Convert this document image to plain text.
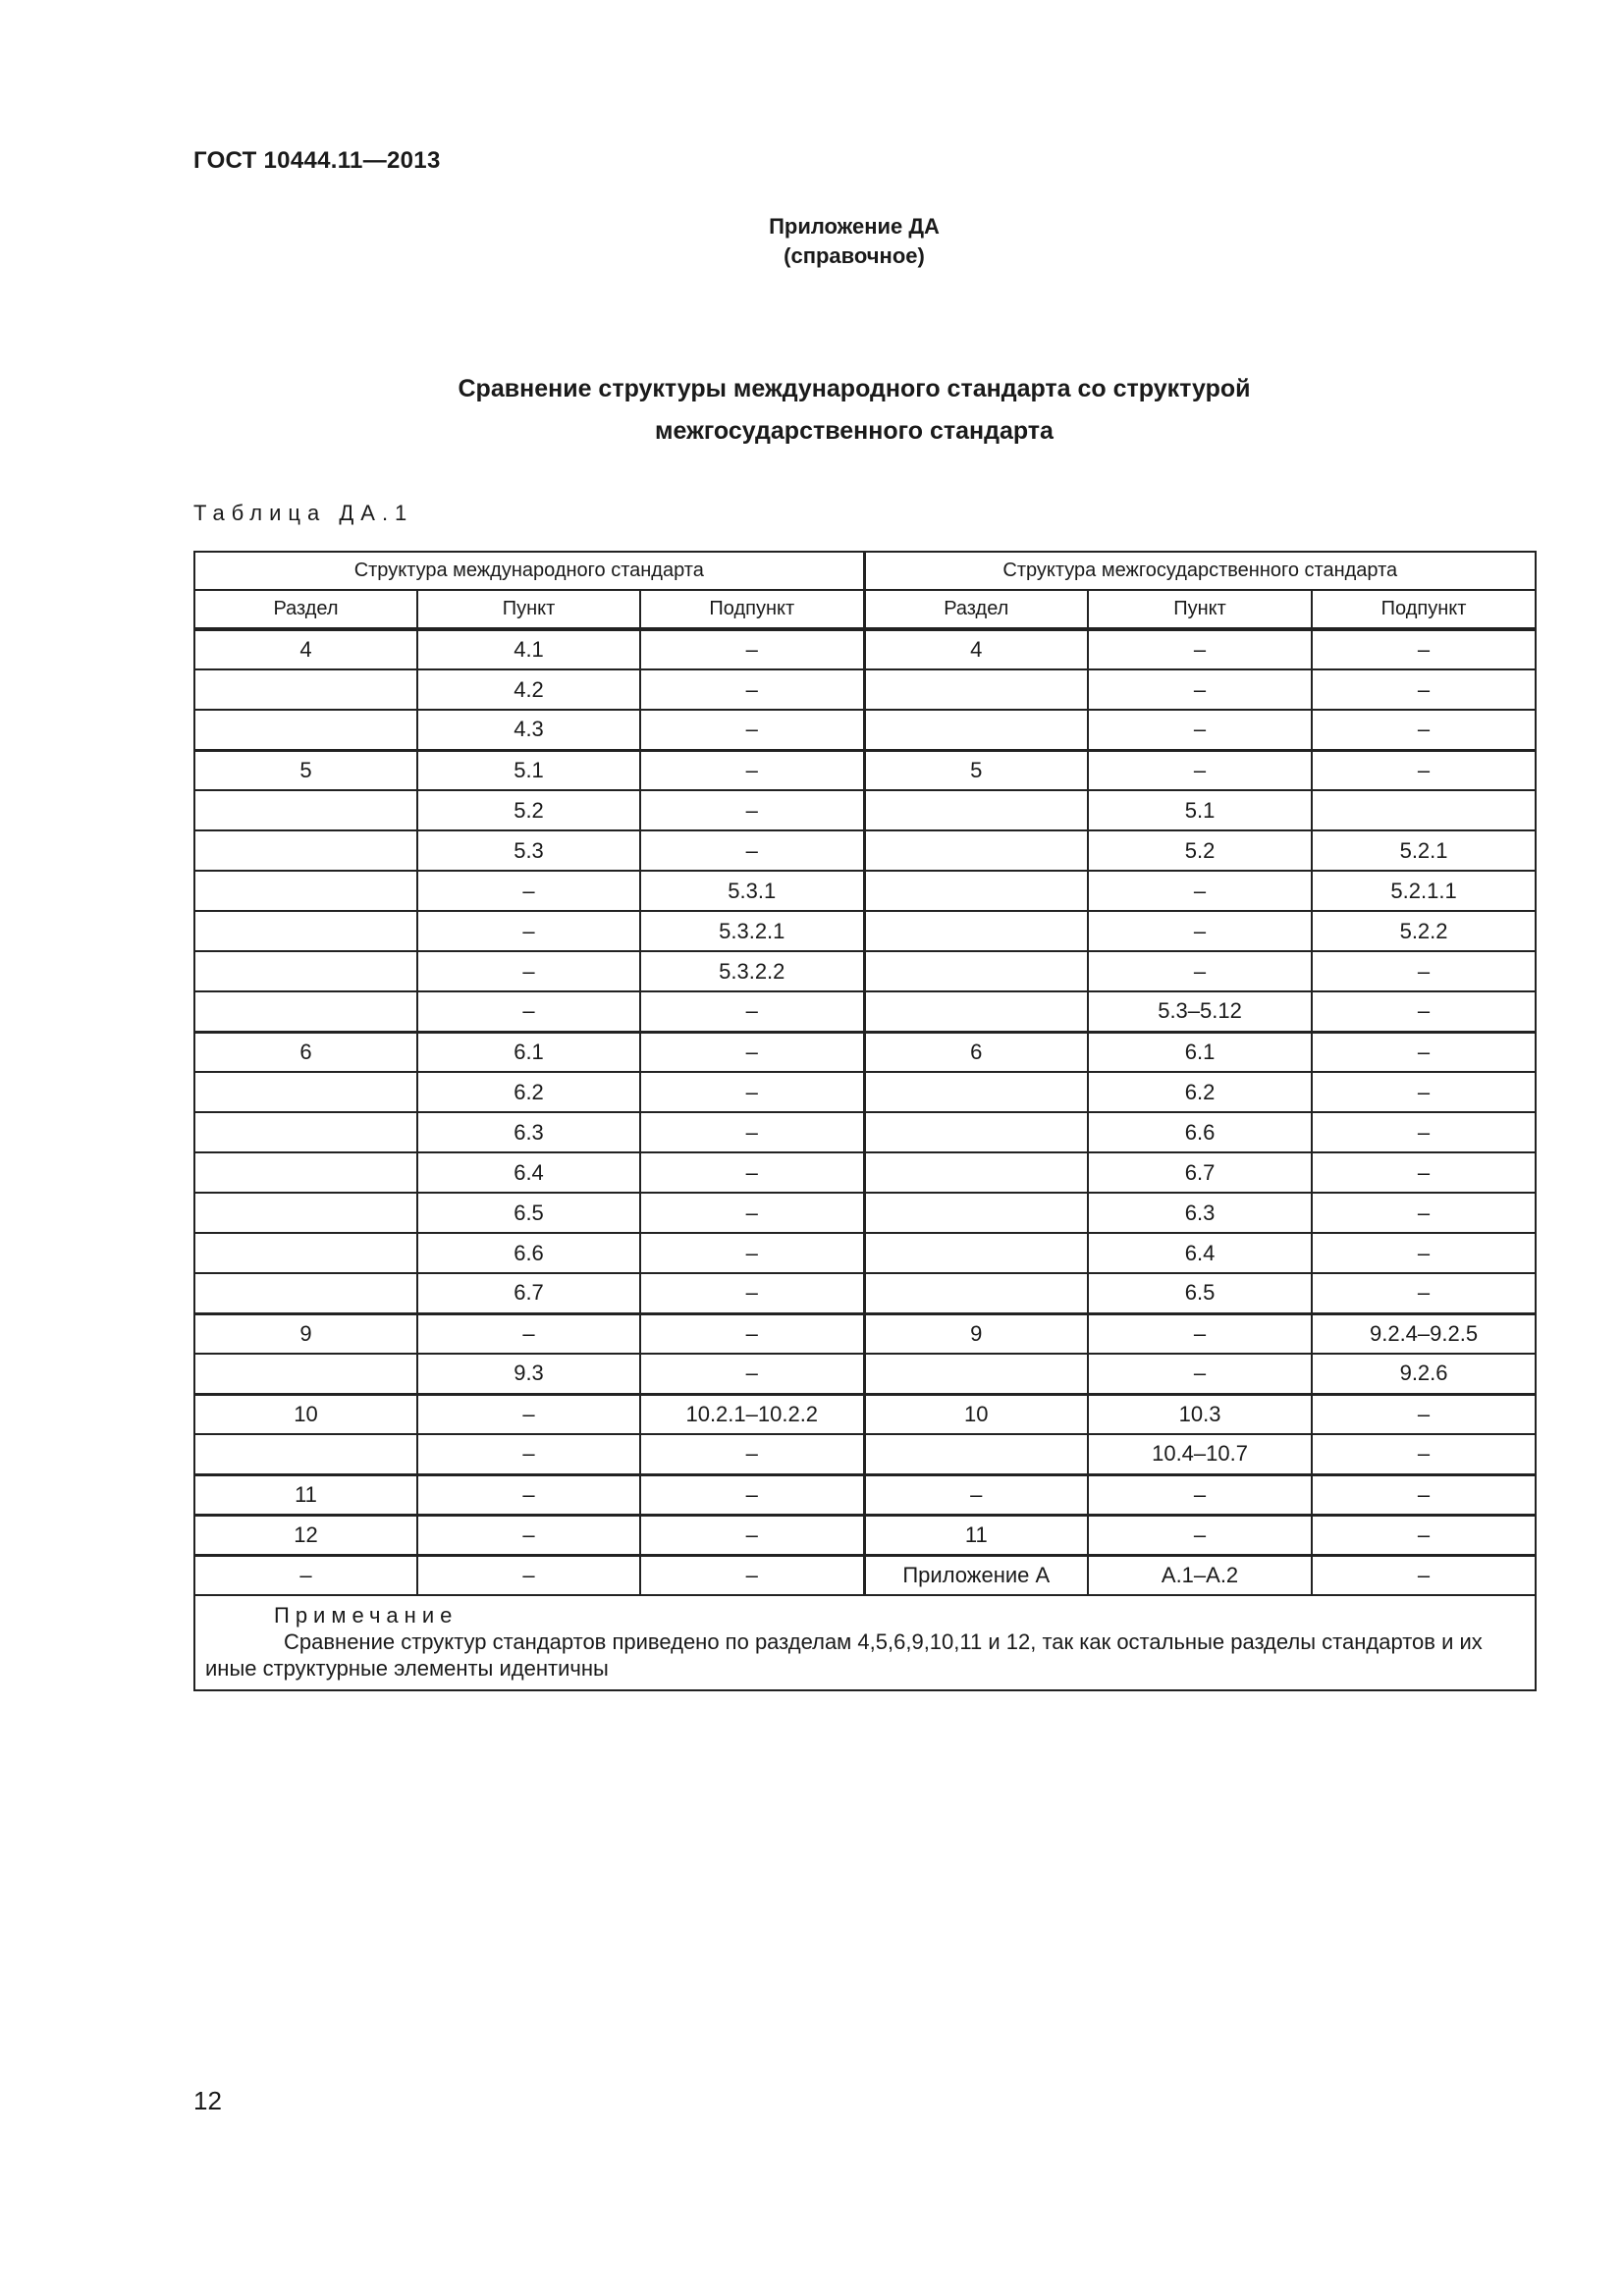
ГОСТ 10444.11—2013
Приложение ДА
(справочное)
Сравнение структуры международного стандарта со структурой
межгосударственного стандарта
Таблица ДА.1
Структура международного стандарта			Структура межгосударственного стандарта		
Раздел	Пункт	Подпункт	Раздел	Пункт	Подпункт
4	4.1	–	4	–	–
	4.2	–		–	–
	4.3	–		–	–
5	5.1	–	5	–	–
	5.2	–		5.1	
	5.3	–		5.2	5.2.1
	–	5.3.1		–	5.2.1.1
	–	5.3.2.1		–	5.2.2
	–	5.3.2.2		–	–
	–	–		5.3–5.12	–
6	6.1	–	6	6.1	–
	6.2	–		6.2	–
	6.3	–		6.6	–
	6.4	–		6.7	–
	6.5	–		6.3	–
	6.6	–		6.4	–
	6.7	–		6.5	–
9	–	–	9	–	9.2.4–9.2.5
	9.3	–		–	9.2.6
10	–	10.2.1–10.2.2	10	10.3	–
	–	–		10.4–10.7	–
11	–	–	–	–	–
12	–	–	11	–	–
–	–	–	Приложение А	А.1–А.2	–

Примечание
Сравнение структур стандартов приведено по разделам 4,5,6,9,10,11 и 12, так как остальные разделы стандартов и их иные структурные элементы идентичны					
12
